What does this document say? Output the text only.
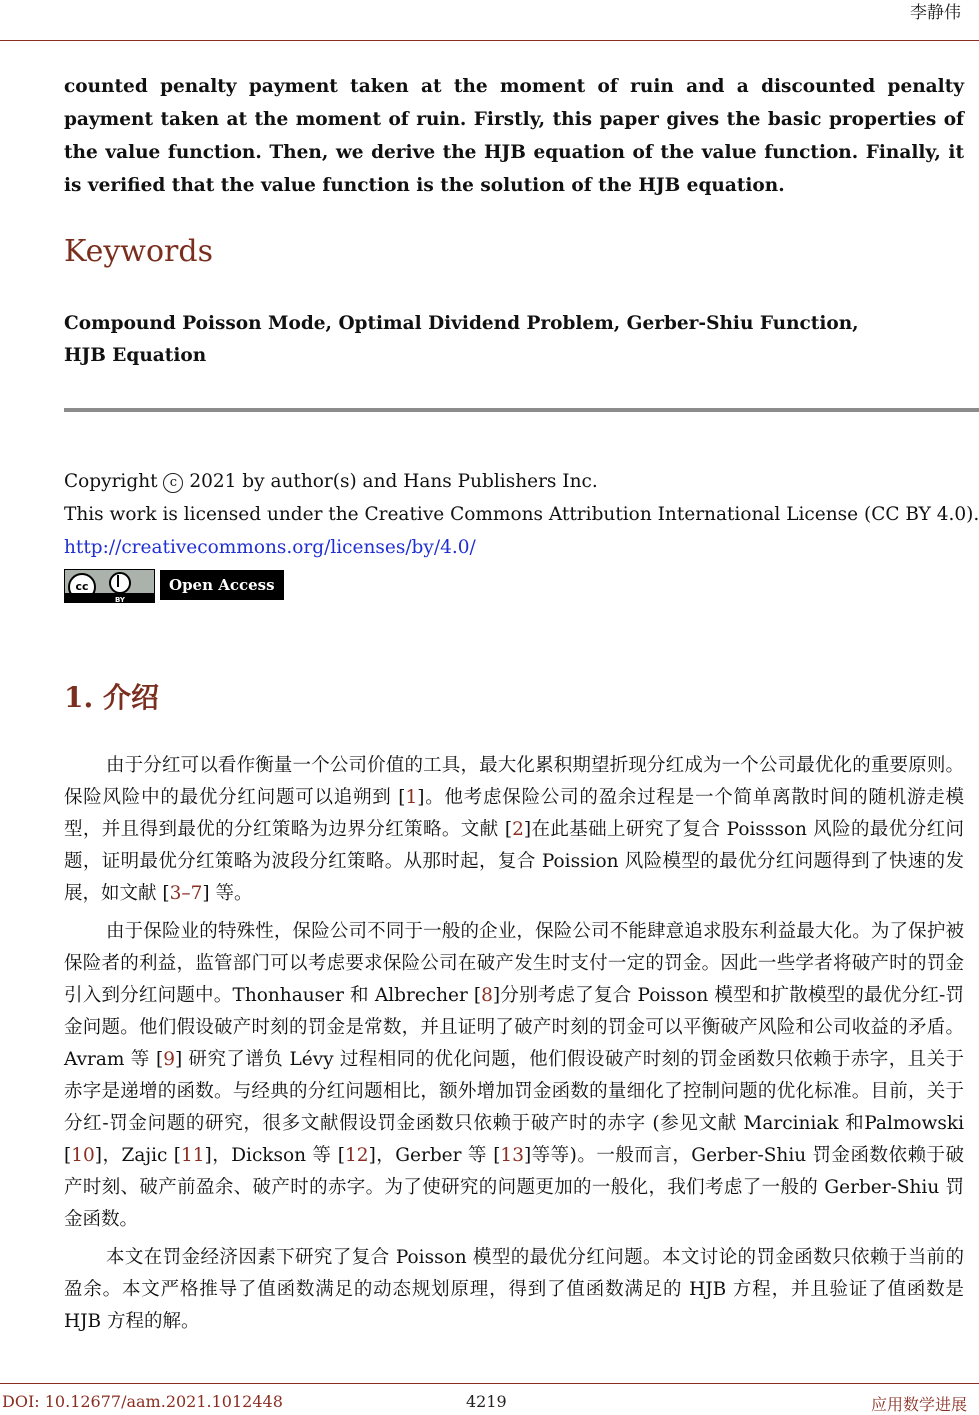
李静伟

counted penalty payment taken at the moment of ruin and a discounted penalty payment taken at the moment of ruin. Firstly, this paper gives the basic properties of the value function. Then, we derive the HJB equation of the value function. Finally, it is verified that the value function is the solution of the HJB equation.

Keywords
Compound Poisson Mode, Optimal Dividend Problem, Gerber-Shiu Function,
HJB Equation
Copyright c 2021 by author(s) and Hans Publishers Inc.
This work is licensed under the Creative Commons Attribution International License (CC BY 4.0).
http://creativecommons.org/licenses/by/4.0/
cc
BY
Open Access
1. 介绍

由于分红可以看作衡量一个公司价值的工具，最大化累积期望折现分红成为一个公司最优化的重要原则。保险风险中的最优分红问题可以追朔到 [1]。他考虑保险公司的盈余过程是一个简单离散时间的随机游走模型，并且得到最优的分红策略为边界分红策略。文献 [2]在此基础上研究了复合 Poissson 风险的最优分红问题，证明最优分红策略为波段分红策略。从那时起，复合 Poission 风险模型的最优分红问题得到了快速的发展，如文献 [3–7] 等。

由于保险业的特殊性，保险公司不同于一般的企业，保险公司不能肆意追求股东利益最大化。为了保护被保险者的利益，监管部门可以考虑要求保险公司在破产发生时支付一定的罚金。因此一些学者将破产时的罚金引入到分红问题中。Thonhauser 和 Albrecher [8]分别考虑了复合 Poisson 模型和扩散模型的最优分红-罚金问题。他们假设破产时刻的罚金是常数，并且证明了破产时刻的罚金可以平衡破产风险和公司收益的矛盾。Avram 等 [9] 研究了谱负 Lévy 过程相同的优化问题，他们假设破产时刻的罚金函数只依赖于赤字，且关于赤字是递增的函数。与经典的分红问题相比，额外增加罚金函数的量细化了控制问题的优化标准。目前，关于分红-罚金问题的研究，很多文献假设罚金函数只依赖于破产时的赤字 (参见文献 Marciniak 和Palmowski [10]，Zajic [11]，Dickson 等 [12]，Gerber 等 [13]等等)。一般而言，Gerber-Shiu 罚金函数依赖于破产时刻、破产前盈余、破产时的赤字。为了使研究的问题更加的一般化，我们考虑了一般的 Gerber-Shiu 罚金函数。

本文在罚金经济因素下研究了复合 Poisson 模型的最优分红问题。本文讨论的罚金函数只依赖于当前的盈余。本文严格推导了值函数满足的动态规划原理，得到了值函数满足的 HJB 方程，并且验证了值函数是 HJB 方程的解。

DOI: 10.12677/aam.2021.1012448	4219	应用数学进展
